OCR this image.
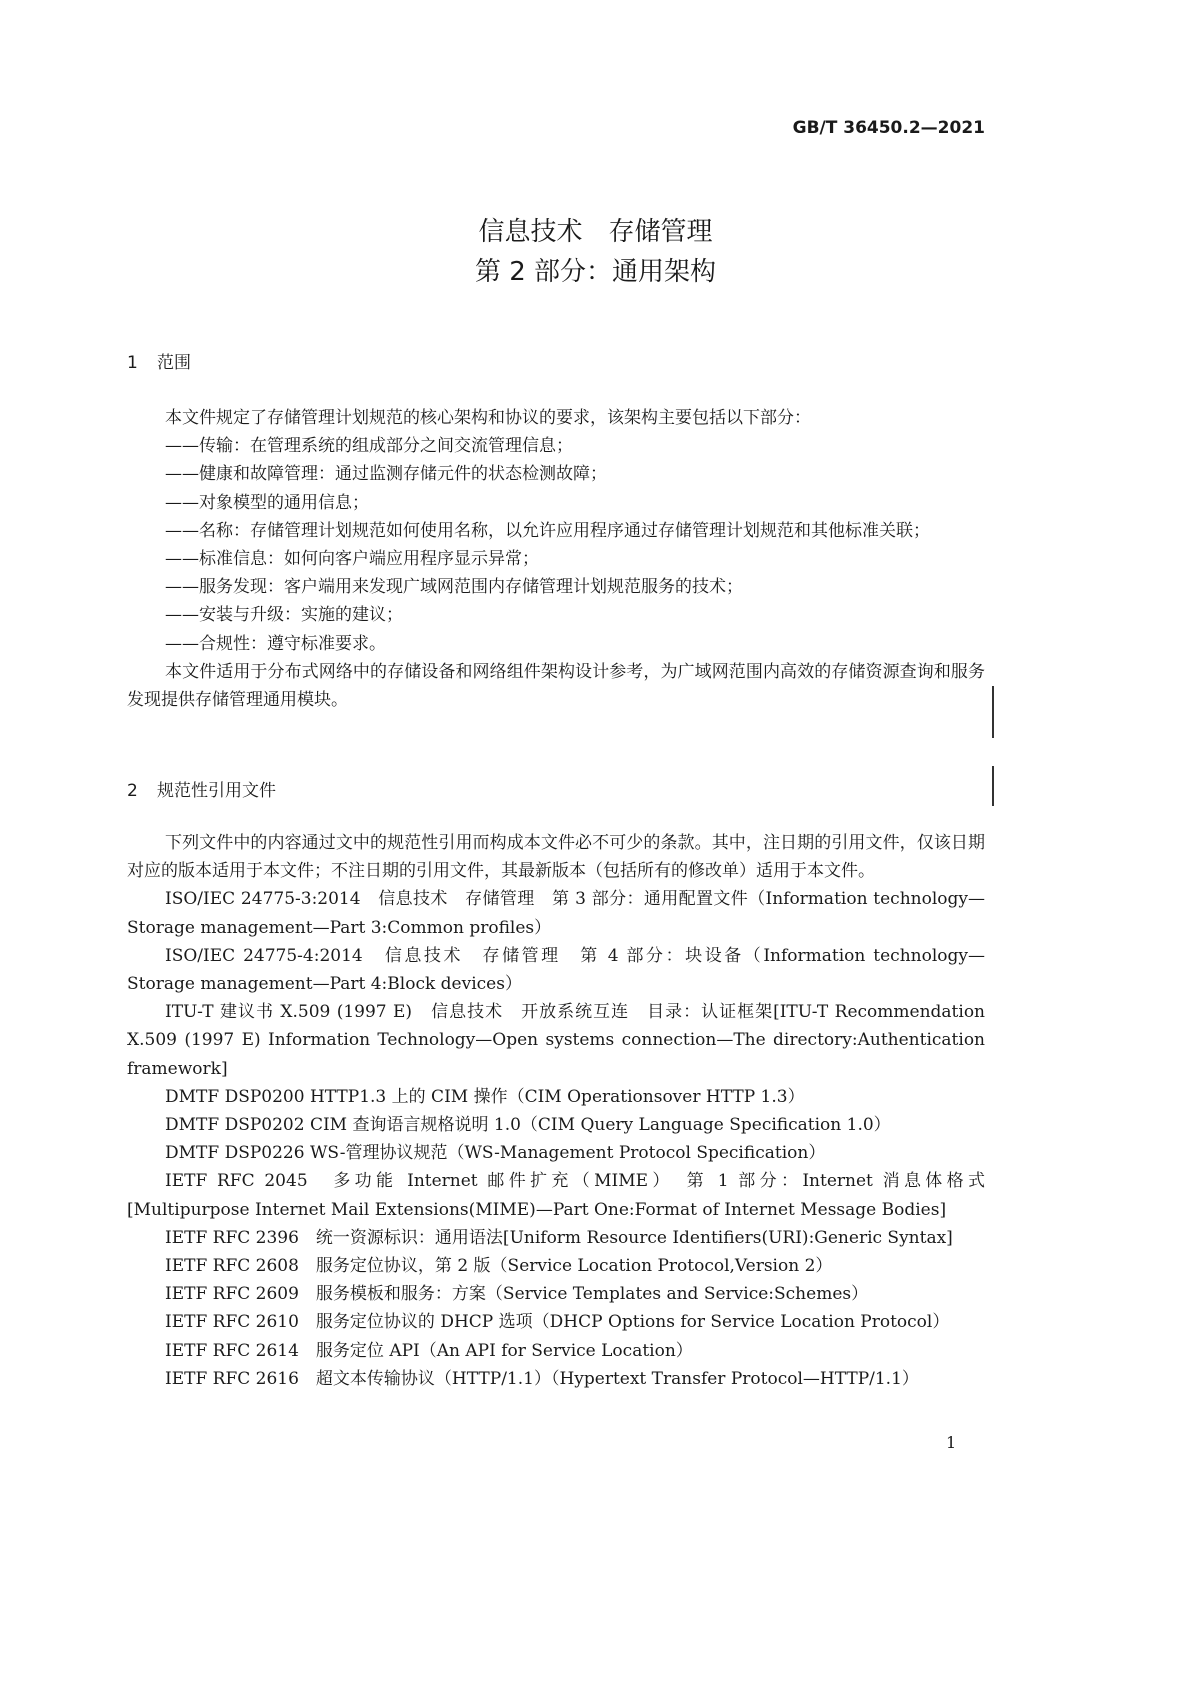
GB/T 36450.2—2021
信息技术　存储管理
第 2 部分：通用架构
1 范围

本文件规定了存储管理计划规范的核心架构和协议的要求，该架构主要包括以下部分：

—— 传输：在管理系统的组成部分之间交流管理信息；

—— 健康和故障管理：通过监测存储元件的状态检测故障；

—— 对象模型的通用信息；

—— 名称：存储管理计划规范如何使用名称，以允许应用程序通过存储管理计划规范和其他标准关联；

—— 标准信息：如何向客户端应用程序显示异常；

—— 服务发现：客户端用来发现广域网范围内存储管理计划规范服务的技术；

—— 安装与升级：实施的建议；

—— 合规性：遵守标准要求。

本文件适用于分布式网络中的存储设备和网络组件架构设计参考，为广域网范围内高效的存储资源查询和服务发现提供存储管理通用模块。

2 规范性引用文件

下列文件中的内容通过文中的规范性引用而构成本文件必不可少的条款。其中，注日期的引用文件，仅该日期对应的版本适用于本文件；不注日期的引用文件，其最新版本（包括所有的修改单）适用于本文件。

ISO/IEC 24775-3:2014　信息技术　存储管理　第 3 部分：通用配置文件（Information technology—Storage management—Part 3:Common profiles）

ISO/IEC 24775-4:2014　信息技术　存储管理　第 4 部分：块设备（Information technology—Storage management—Part 4:Block devices）

ITU-T 建议书 X.509 (1997 E)　信息技术　开放系统互连　目录：认证框架[ITU-T Recommendation X.509 (1997 E) Information Technology—Open systems connection—The directory:Authentication framework]

DMTF DSP0200 HTTP1.3 上的 CIM 操作（CIM Operationsover HTTP 1.3）

DMTF DSP0202 CIM 查询语言规格说明 1.0（CIM Query Language Specification 1.0）

DMTF DSP0226 WS-管理协议规范（WS-Management Protocol Specification）

IETF RFC 2045　多功能 Internet 邮件扩充（MIME）　第 1 部分：Internet 消息体格式[Multipurpose Internet Mail Extensions(MIME)—Part One:Format of Internet Message Bodies]

IETF RFC 2396　统一资源标识：通用语法[Uniform Resource Identifiers(URI):Generic Syntax]

IETF RFC 2608　服务定位协议，第 2 版（Service Location Protocol,Version 2）

IETF RFC 2609　服务模板和服务：方案（Service Templates and Service:Schemes）

IETF RFC 2610　服务定位协议的 DHCP 选项（DHCP Options for Service Location Protocol）

IETF RFC 2614　服务定位 API（An API for Service Location）

IETF RFC 2616　超文本传输协议（HTTP/1.1）（Hypertext Transfer Protocol—HTTP/1.1）

1
